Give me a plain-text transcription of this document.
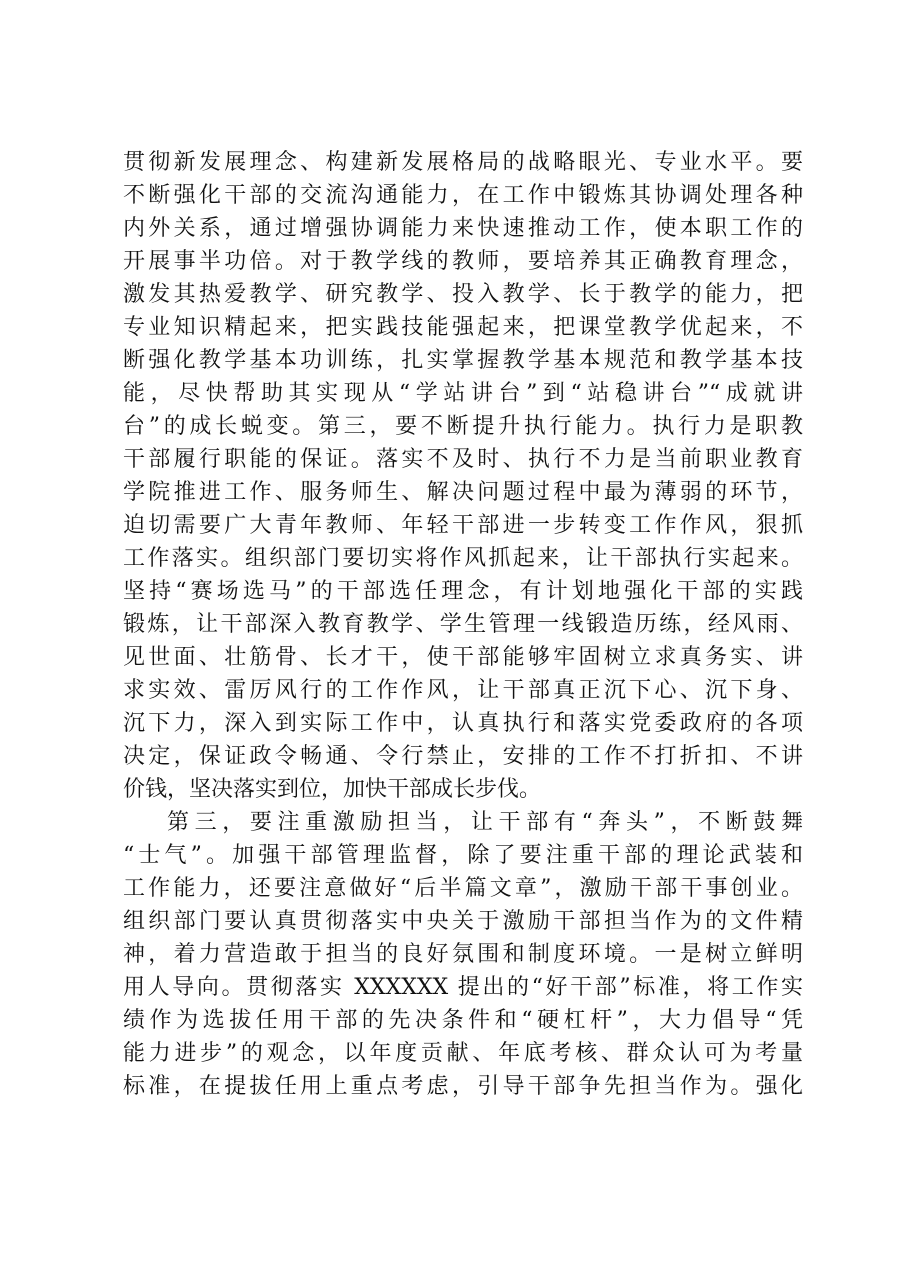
贯彻新发展理念、构建新发展格局的战略眼光、专业水平。要
不断强化干部的交流沟通能力，在工作中锻炼其协调处理各种
内外关系，通过增强协调能力来快速推动工作，使本职工作的
开展事半功倍。对于教学线的教师，要培养其正确教育理念，
激发其热爱教学、研究教学、投入教学、长于教学的能力，把
专业知识精起来，把实践技能强起来，把课堂教学优起来，不
断强化教学基本功训练，扎实掌握教学基本规范和教学基本技
能，尽快帮助其实现从“学站讲台”到“站稳讲台”“成就讲
台”的成长蜕变。第三，要不断提升执行能力。执行力是职教
干部履行职能的保证。落实不及时、执行不力是当前职业教育
学院推进工作、服务师生、解决问题过程中最为薄弱的环节，
迫切需要广大青年教师、年轻干部进一步转变工作作风，狠抓
工作落实。组织部门要切实将作风抓起来，让干部执行实起来。
坚持“赛场选马”的干部选任理念，有计划地强化干部的实践
锻炼，让干部深入教育教学、学生管理一线锻造历练，经风雨、
见世面、壮筋骨、长才干，使干部能够牢固树立求真务实、讲
求实效、雷厉风行的工作作风，让干部真正沉下心、沉下身、
沉下力，深入到实际工作中，认真执行和落实党委政府的各项
决定，保证政令畅通、令行禁止，安排的工作不打折扣、不讲
价钱，坚决落实到位，加快干部成长步伐。
第三，要注重激励担当，让干部有“奔头”，不断鼓舞
“士气”。加强干部管理监督，除了要注重干部的理论武装和
工作能力，还要注意做好“后半篇文章”，激励干部干事创业。
组织部门要认真贯彻落实中央关于激励干部担当作为的文件精
神，着力营造敢于担当的良好氛围和制度环境。一是树立鲜明
用人导向。贯彻落实 XXXXXX 提出的“好干部”标准，将工作实
绩作为选拔任用干部的先决条件和“硬杠杆”，大力倡导“凭
能力进步”的观念，以年度贡献、年底考核、群众认可为考量
标准，在提拔任用上重点考虑，引导干部争先担当作为。强化
